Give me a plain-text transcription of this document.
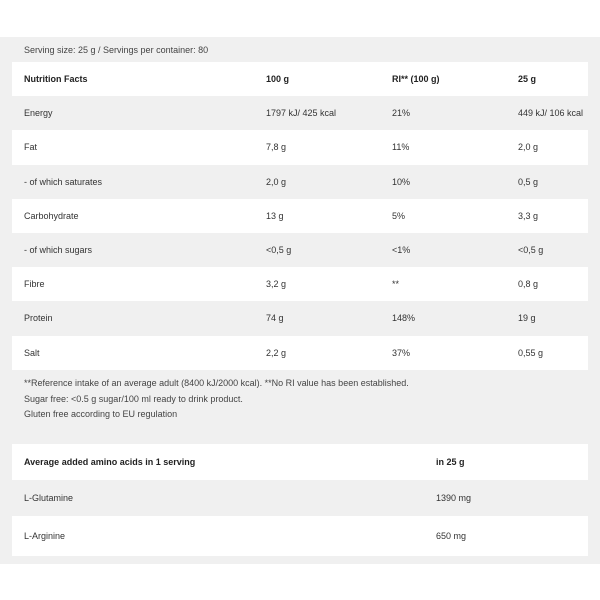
Serving size: 25 g / Servings per container: 80
Nutrition Facts	100 g	RI** (100 g)	25 g
Energy	1797 kJ/ 425 kcal	21%	449 kJ/ 106 kcal
Fat	7,8 g	11%	2,0 g
- of which saturates	2,0 g	10%	0,5 g
Carbohydrate	13 g	5%	3,3 g
- of which sugars	<0,5 g	<1%	<0,5 g
Fibre	3,2 g	**	0,8 g
Protein	74 g	148%	19 g
Salt	2,2 g	37%	0,55 g
**Reference intake of an average adult (8400 kJ/2000 kcal). **No RI value has been established.
Sugar free: <0.5 g sugar/100 ml ready to drink product.
Gluten free according to EU regulation
Average added amino acids in 1 serving	in 25 g
L-Glutamine	1390 mg
L-Arginine	650 mg
